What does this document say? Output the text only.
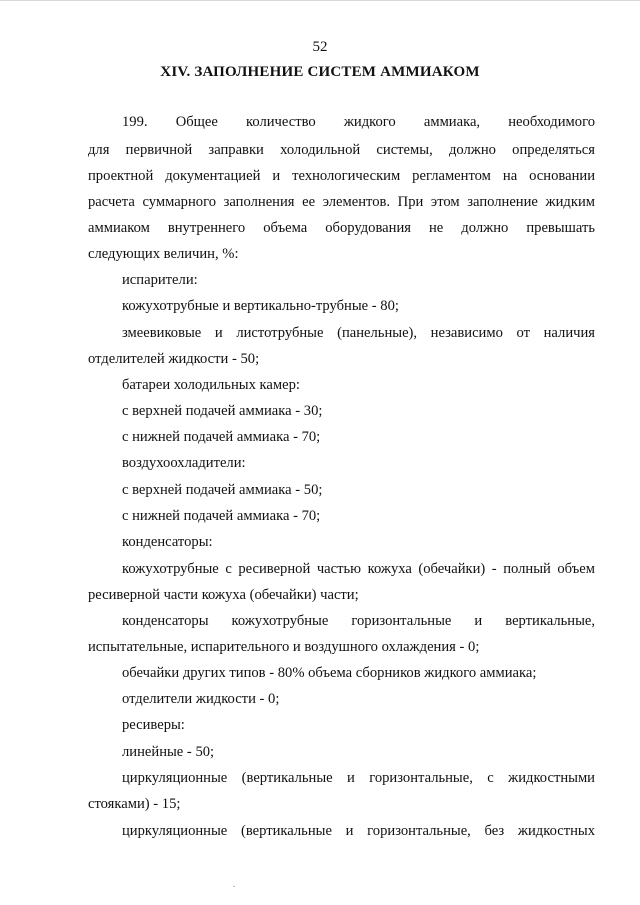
52
XIV. ЗАПОЛНЕНИЕ СИСТЕМ АММИАКОМ
199. Общее количество жидкого аммиака, необходимого
для первичной заправки холодильной системы, должно определяться
проектной документацией и технологическим регламентом на основании
расчета суммарного заполнения ее элементов. При этом заполнение жидким
аммиаком внутреннего объема оборудования не должно превышать
следующих величин, %:
испарители:
кожухотрубные и вертикально-трубные - 80;
змеевиковые и листотрубные (панельные), независимо от наличия
отделителей жидкости - 50;
батареи холодильных камер:
с верхней подачей аммиака - 30;
с нижней подачей аммиака - 70;
воздухоохладители:
с верхней подачей аммиака - 50;
с нижней подачей аммиака - 70;
конденсаторы:
кожухотрубные с ресиверной частью кожуха (обечайки) - полный объем
ресиверной части кожуха (обечайки) части;
конденсаторы кожухотрубные горизонтальные и вертикальные,
испытательные, испарительного и воздушного охлаждения - 0;
обечайки других типов - 80% объема сборников жидкого аммиака;
отделители жидкости - 0;
ресиверы:
линейные - 50;
циркуляционные (вертикальные и горизонтальные, с жидкостными
стояками) - 15;
циркуляционные (вертикальные и горизонтальные, без жидкостных
